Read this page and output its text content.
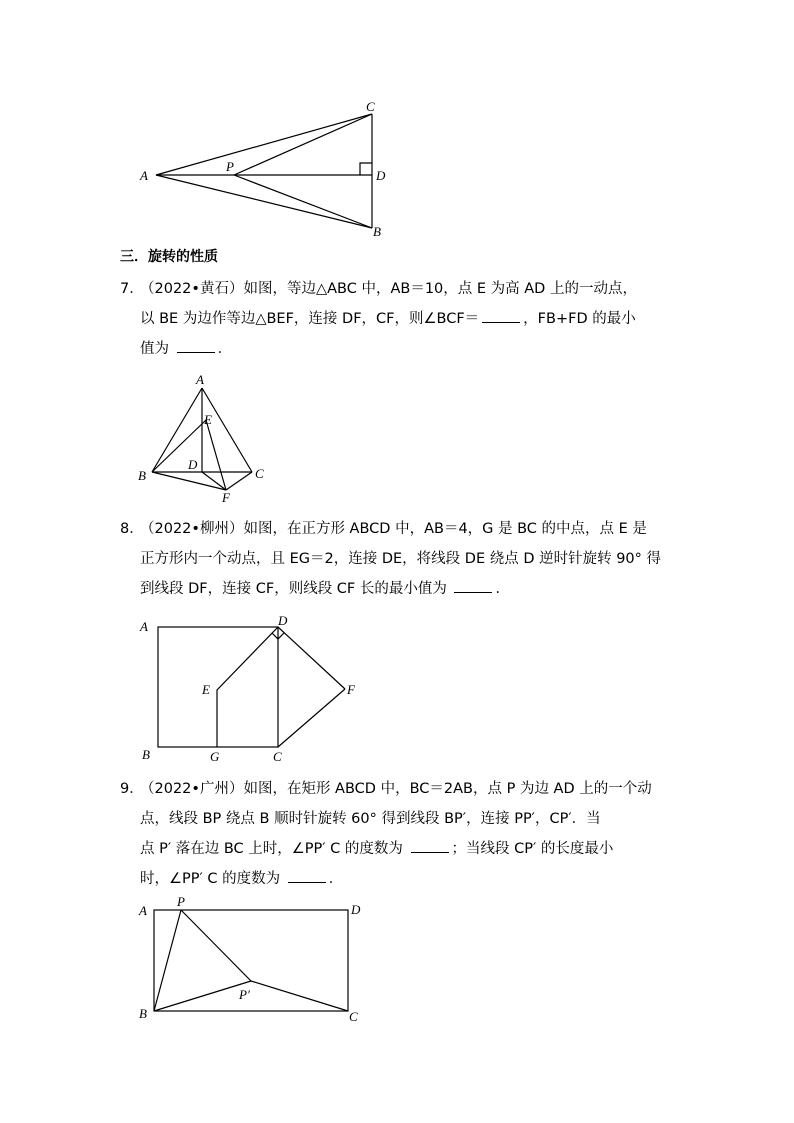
A
P
C
D
B
三．旋转的性质
7．
（2022•黄石）如图，等边△ABC 中，AB＝10，点 E 为高 AD 上的一动点，
以 BE 为边作等边△BEF，连接 DF，CF，则∠BCF＝	，FB+FD 的最小
值为	．
A
E
D
B	C
F
8．
（2022•柳州）如图，在正方形 ABCD 中，AB＝4，G 是 BC 的中点，点 E 是
正方形内一个动点，且 EG＝2，连接 DE，将线段 DE 绕点 D 逆时针旋转 90° 得
到线段 DF，连接 CF，则线段 CF 长的最小值为	．
A	D
E	F
B	G	C
9．
（2022•广州）如图，在矩形 ABCD 中，BC＝2AB，点 P 为边 AD 上的一个动
点，线段 BP 绕点 B 顺时针旋转 60° 得到线段 BP′，连接 PP′，CP′．当
点 P′ 落在边 BC 上时，∠PP′ C 的度数为	；当线段 CP′ 的长度最小
时，∠PP′ C 的度数为	．
A
P
D
P′
B	C
